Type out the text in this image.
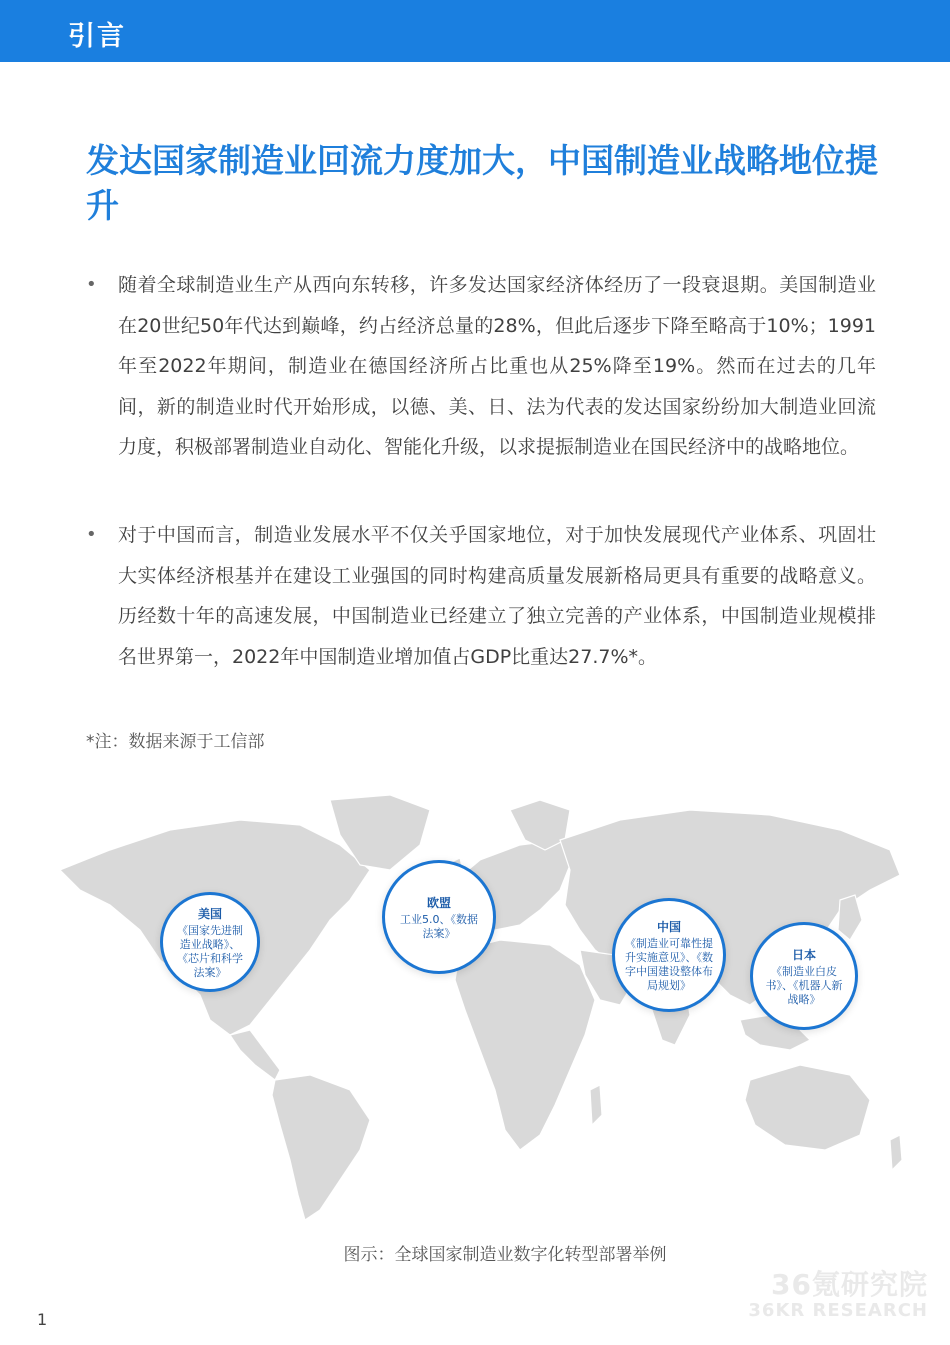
引言
发达国家制造业回流力度加大，中国制造业战略地位提升
• 随着全球制造业生产从西向东转移，许多发达国家经济体经历了一段衰退期。美国制造业在20世纪50年代达到巅峰，约占经济总量的28%，但此后逐步下降至略高于10%；1991年至2022年期间，制造业在德国经济所占比重也从25%降至19%。然而在过去的几年间，新的制造业时代开始形成，以德、美、日、法为代表的发达国家纷纷加大制造业回流力度，积极部署制造业自动化、智能化升级，以求提振制造业在国民经济中的战略地位。

• 对于中国而言，制造业发展水平不仅关乎国家地位，对于加快发展现代产业体系、巩固壮大实体经济根基并在建设工业强国的同时构建高质量发展新格局更具有重要的战略意义。历经数十年的高速发展，中国制造业已经建立了独立完善的产业体系，中国制造业规模排名世界第一，2022年中国制造业增加值占GDP比重达27.7%*。

*注：数据来源于工信部
美国
《国家先进制造业战略》、《芯片和科学法案》
欧盟
工业5.0、《数据法案》	中国
《制造业可靠性提升实施意见》、《数字中国建设整体布局规划》
日本
《制造业白皮书》、《机器人新战略》
图示：全球国家制造业数字化转型部署举例
36氪研究院
36KR RESEARCH
1
